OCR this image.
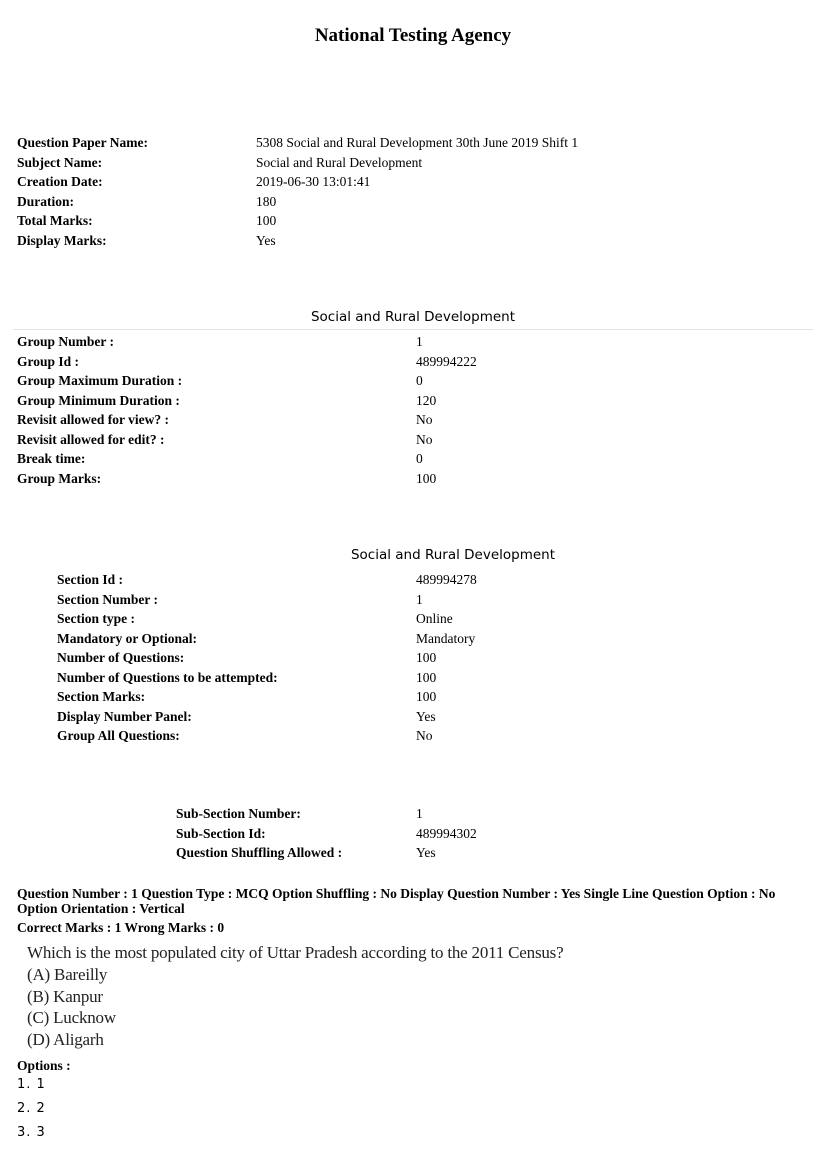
National Testing Agency
Question Paper Name:	5308 Social and Rural Development 30th June 2019 Shift 1
Subject Name:	Social and Rural Development
Creation Date:	2019-06-30 13:01:41
Duration:	180
Total Marks:	100
Display Marks:	Yes
Social and Rural Development
Group Number :	1
Group Id :	489994222
Group Maximum Duration :	0
Group Minimum Duration :	120
Revisit allowed for view? :	No
Revisit allowed for edit? :	No
Break time:	0
Group Marks:	100
Social and Rural Development
Section Id :	489994278
Section Number :	1
Section type :	Online
Mandatory or Optional:	Mandatory
Number of Questions:	100
Number of Questions to be attempted:	100
Section Marks:	100
Display Number Panel:	Yes
Group All Questions:	No
Sub-Section Number:	1
Sub-Section Id:	489994302
Question Shuffling Allowed :	Yes
Question Number : 1 Question Type : MCQ Option Shuffling : No Display Question Number : Yes Single Line Question Option : No Option Orientation : Vertical
Correct Marks : 1 Wrong Marks : 0
Which is the most populated city of Uttar Pradesh according to the 2011 Census?
(A) Bareilly
(B) Kanpur
(C) Lucknow
(D) Aligarh
Options :
1. 1
2. 2
3. 3
